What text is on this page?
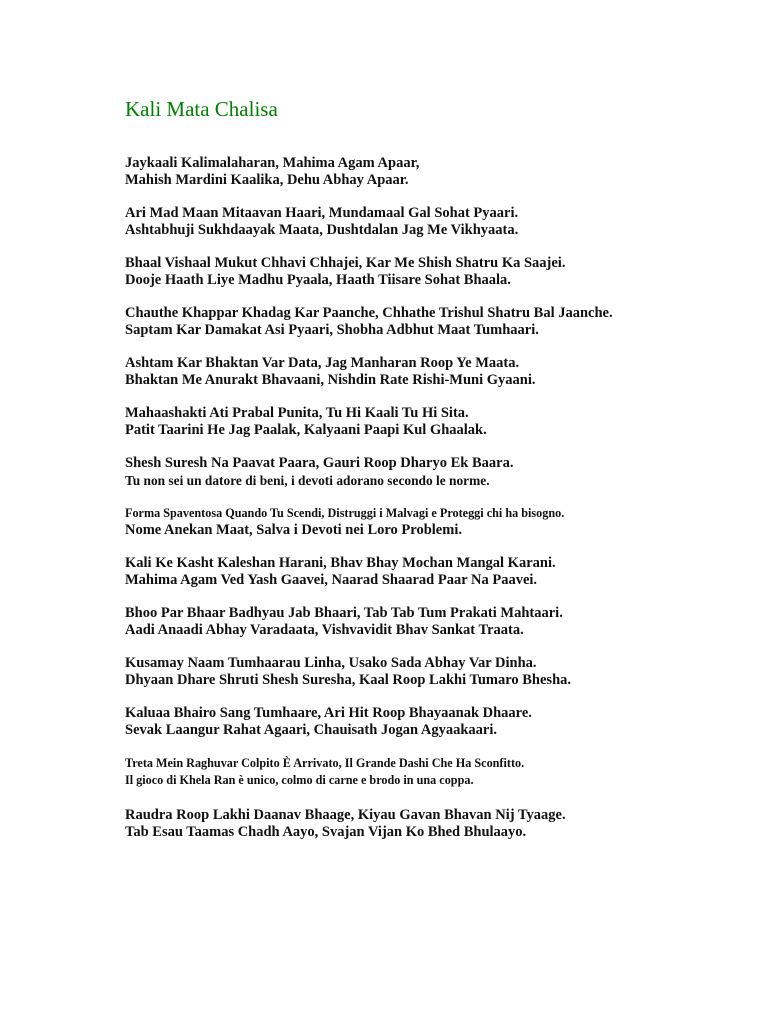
Kali Mata Chalisa
Jaykaali Kalimalaharan, Mahima Agam Apaar,
Mahish Mardini Kaalika, Dehu Abhay Apaar.
Ari Mad Maan Mitaavan Haari, Mundamaal Gal Sohat Pyaari.
Ashtabhuji Sukhdaayak Maata, Dushtdalan Jag Me Vikhyaata.
Bhaal Vishaal Mukut Chhavi Chhajei, Kar Me Shish Shatru Ka Saajei.
Dooje Haath Liye Madhu Pyaala, Haath Tiisare Sohat Bhaala.
Chauthe Khappar Khadag Kar Paanche, Chhathe Trishul Shatru Bal Jaanche.
Saptam Kar Damakat Asi Pyaari, Shobha Adbhut Maat Tumhaari.
Ashtam Kar Bhaktan Var Data, Jag Manharan Roop Ye Maata.
Bhaktan Me Anurakt Bhavaani, Nishdin Rate Rishi-Muni Gyaani.
Mahaashakti Ati Prabal Punita, Tu Hi Kaali Tu Hi Sita.
Patit Taarini He Jag Paalak, Kalyaani Paapi Kul Ghaalak.
Shesh Suresh Na Paavat Paara, Gauri Roop Dharyo Ek Baara.
Tu non sei un datore di beni, i devoti adorano secondo le norme.
Forma Spaventosa Quando Tu Scendi, Distruggi i Malvagi e Proteggi chi ha bisogno.
Nome Anekan Maat, Salva i Devoti nei Loro Problemi.
Kali Ke Kasht Kaleshan Harani, Bhav Bhay Mochan Mangal Karani.
Mahima Agam Ved Yash Gaavei, Naarad Shaarad Paar Na Paavei.
Bhoo Par Bhaar Badhyau Jab Bhaari, Tab Tab Tum Prakati Mahtaari.
Aadi Anaadi Abhay Varadaata, Vishvavidit Bhav Sankat Traata.
Kusamay Naam Tumhaarau Linha, Usako Sada Abhay Var Dinha.
Dhyaan Dhare Shruti Shesh Suresha, Kaal Roop Lakhi Tumaro Bhesha.
Kaluaa Bhairo Sang Tumhaare, Ari Hit Roop Bhayaanak Dhaare.
Sevak Laangur Rahat Agaari, Chauisath Jogan Agyaakaari.
Treta Mein Raghuvar Colpito È Arrivato, Il Grande Dashi Che Ha Sconfitto.
Il gioco di Khela Ran è unico, colmo di carne e brodo in una coppa.
Raudra Roop Lakhi Daanav Bhaage, Kiyau Gavan Bhavan Nij Tyaage.
Tab Esau Taamas Chadh Aayo, Svajan Vijan Ko Bhed Bhulaayo.
